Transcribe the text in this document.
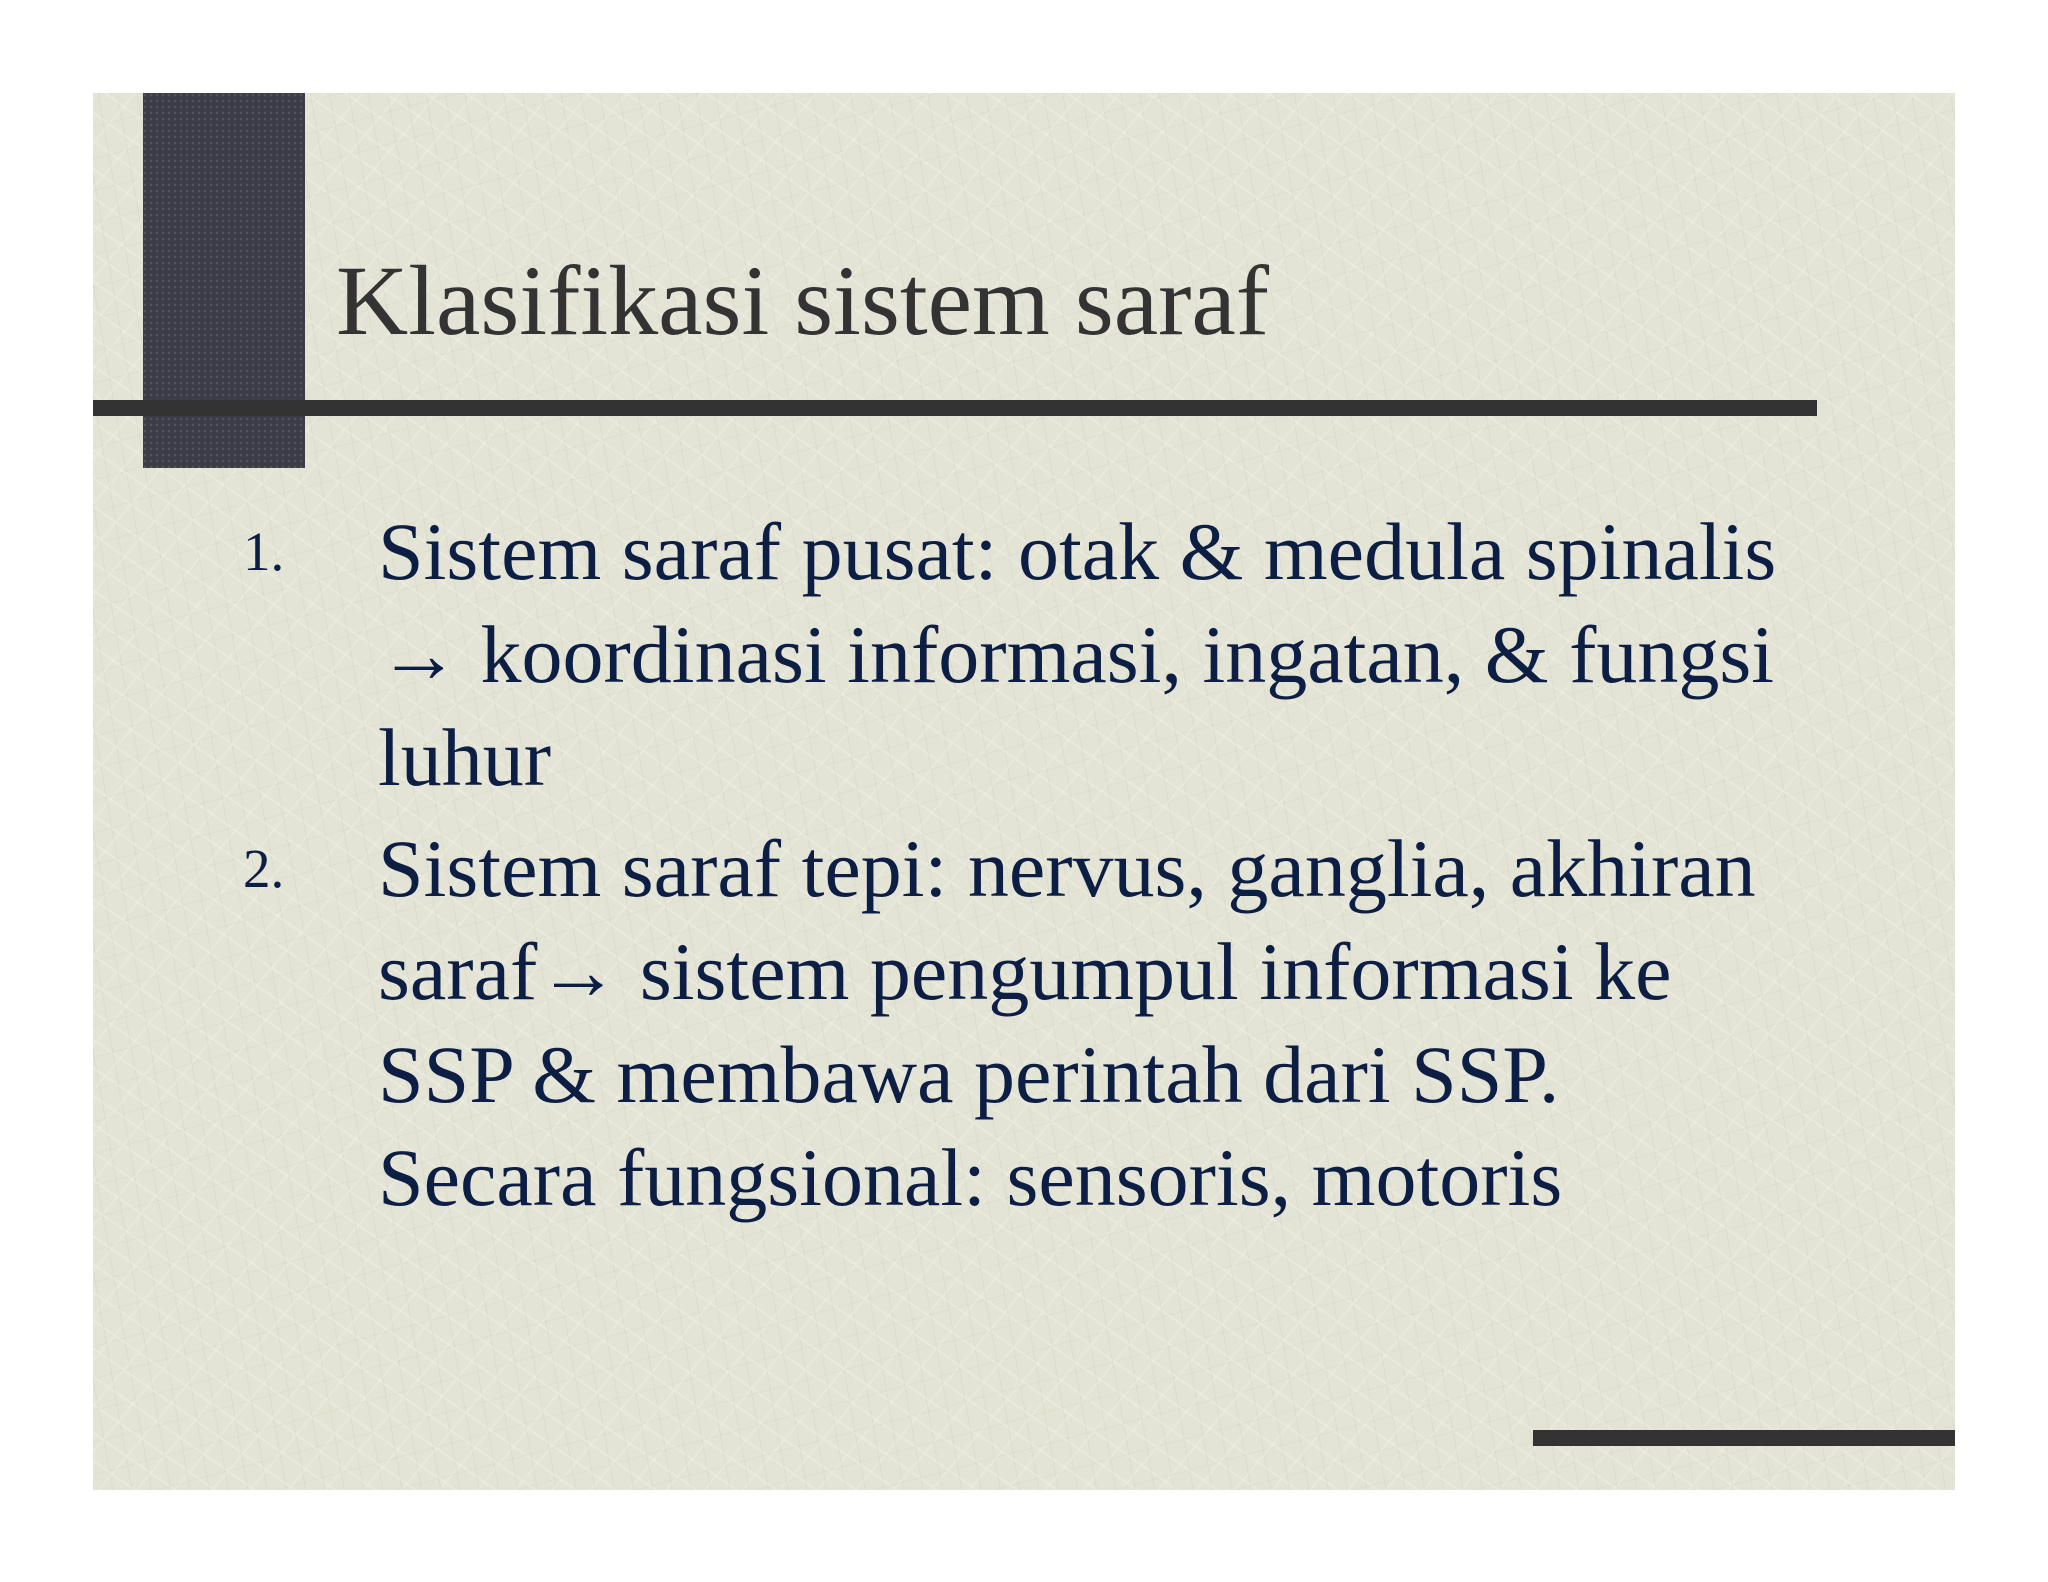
Klasifikasi sistem saraf
1.	Sistem saraf pusat: otak & medula spinalis
→ koordinasi informasi, ingatan, & fungsi
luhur
2.	Sistem saraf tepi: nervus, ganglia, akhiran
saraf→ sistem pengumpul informasi ke
SSP & membawa perintah dari SSP.
Secara fungsional: sensoris, motoris
